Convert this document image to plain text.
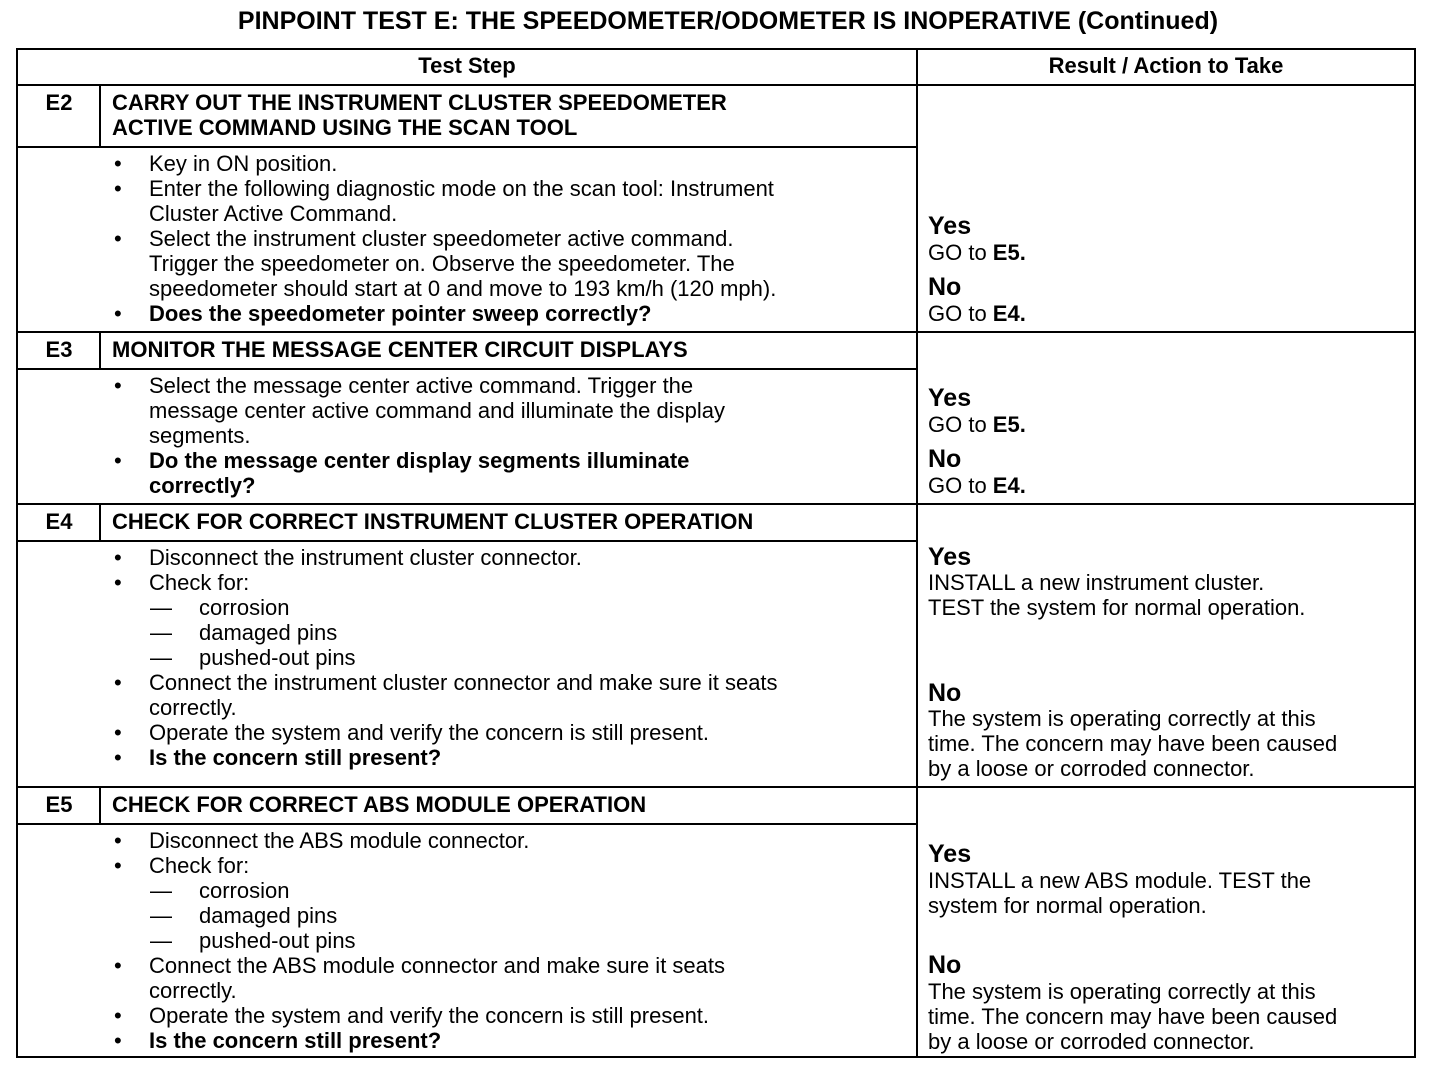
PINPOINT TEST E: THE SPEEDOMETER/ODOMETER IS INOPERATIVE (Continued)
Test Step	Result / Action to Take
E2	CARRY OUT THE INSTRUMENT CLUSTER SPEEDOMETER
ACTIVE COMMAND USING THE SCAN TOOL
• Key in ON position.
• Enter the following diagnostic mode on the scan tool: Instrument
Cluster Active Command.
• Select the instrument cluster speedometer active command.
Trigger the speedometer on. Observe the speedometer. The
speedometer should start at 0 and move to 193 km/h (120 mph).
• Does the speedometer pointer sweep correctly?
Yes
GO to E5.
No
GO to E4.
E3	MONITOR THE MESSAGE CENTER CIRCUIT DISPLAYS
• Select the message center active command. Trigger the
message center active command and illuminate the display
segments.
• Do the message center display segments illuminate
correctly?
Yes
GO to E5.
No
GO to E4.
E4	CHECK FOR CORRECT INSTRUMENT CLUSTER OPERATION
• Disconnect the instrument cluster connector.
• Check for:
— corrosion
— damaged pins
— pushed-out pins
• Connect the instrument cluster connector and make sure it seats
correctly.
• Operate the system and verify the concern is still present.
• Is the concern still present?
Yes
INSTALL a new instrument cluster.
TEST the system for normal operation.
No
The system is operating correctly at this
time. The concern may have been caused
by a loose or corroded connector.
E5	CHECK FOR CORRECT ABS MODULE OPERATION
• Disconnect the ABS module connector.
• Check for:
— corrosion
— damaged pins
— pushed-out pins
• Connect the ABS module connector and make sure it seats
correctly.
• Operate the system and verify the concern is still present.
• Is the concern still present?
Yes
INSTALL a new ABS module. TEST the
system for normal operation.
No
The system is operating correctly at this
time. The concern may have been caused
by a loose or corroded connector.
